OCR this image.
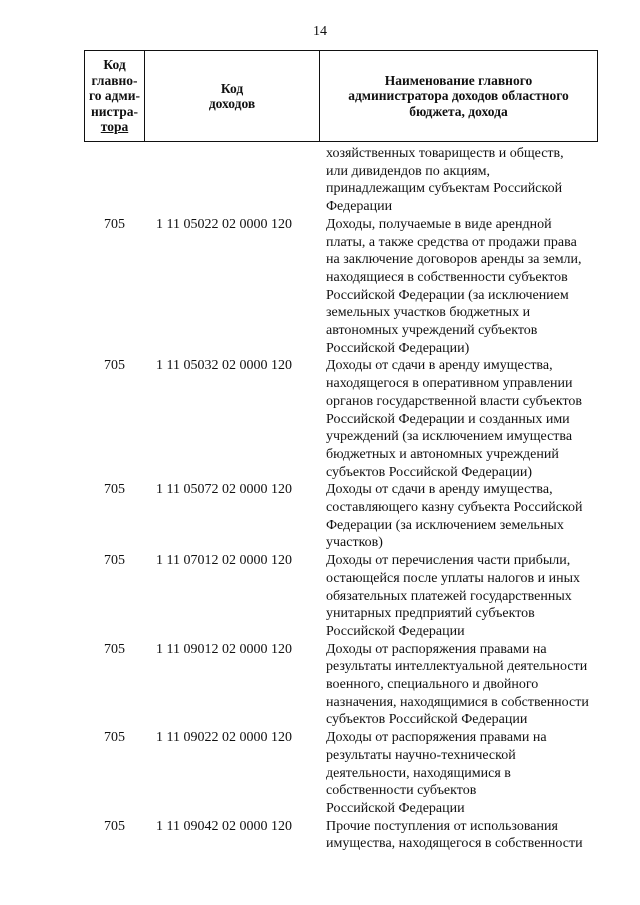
14
Код
главно-
го адми-
нистра-
тора
Код
доходов
Наименование главного
администратора доходов областного
бюджета, дохода
хозяйственных товариществ и обществ,
или дивидендов по акциям,
принадлежащим субъектам Российской
Федерации
705 1 11 05022 02 0000 120 Доходы, получаемые в виде арендной
платы, а также средства от продажи права
на заключение договоров аренды за земли,
находящиеся в собственности субъектов
Российской Федерации (за исключением
земельных участков бюджетных и
автономных учреждений субъектов
Российской Федерации)
705 1 11 05032 02 0000 120 Доходы от сдачи в аренду имущества,
находящегося в оперативном управлении
органов государственной власти субъектов
Российской Федерации и созданных ими
учреждений (за исключением имущества
бюджетных и автономных учреждений
субъектов Российской Федерации)
705 1 11 05072 02 0000 120 Доходы от сдачи в аренду имущества,
составляющего казну субъекта Российской
Федерации (за исключением земельных
участков)
705 1 11 07012 02 0000 120 Доходы от перечисления части прибыли,
остающейся после уплаты налогов и иных
обязательных платежей государственных
унитарных предприятий субъектов
Российской Федерации
705 1 11 09012 02 0000 120 Доходы от распоряжения правами на
результаты интеллектуальной деятельности
военного, специального и двойного
назначения, находящимися в собственности
субъектов Российской Федерации
705 1 11 09022 02 0000 120 Доходы от распоряжения правами на
результаты научно-технической
деятельности, находящимися в
собственности субъектов
Российской Федерации
705 1 11 09042 02 0000 120 Прочие поступления от использования
имущества, находящегося в собственности
